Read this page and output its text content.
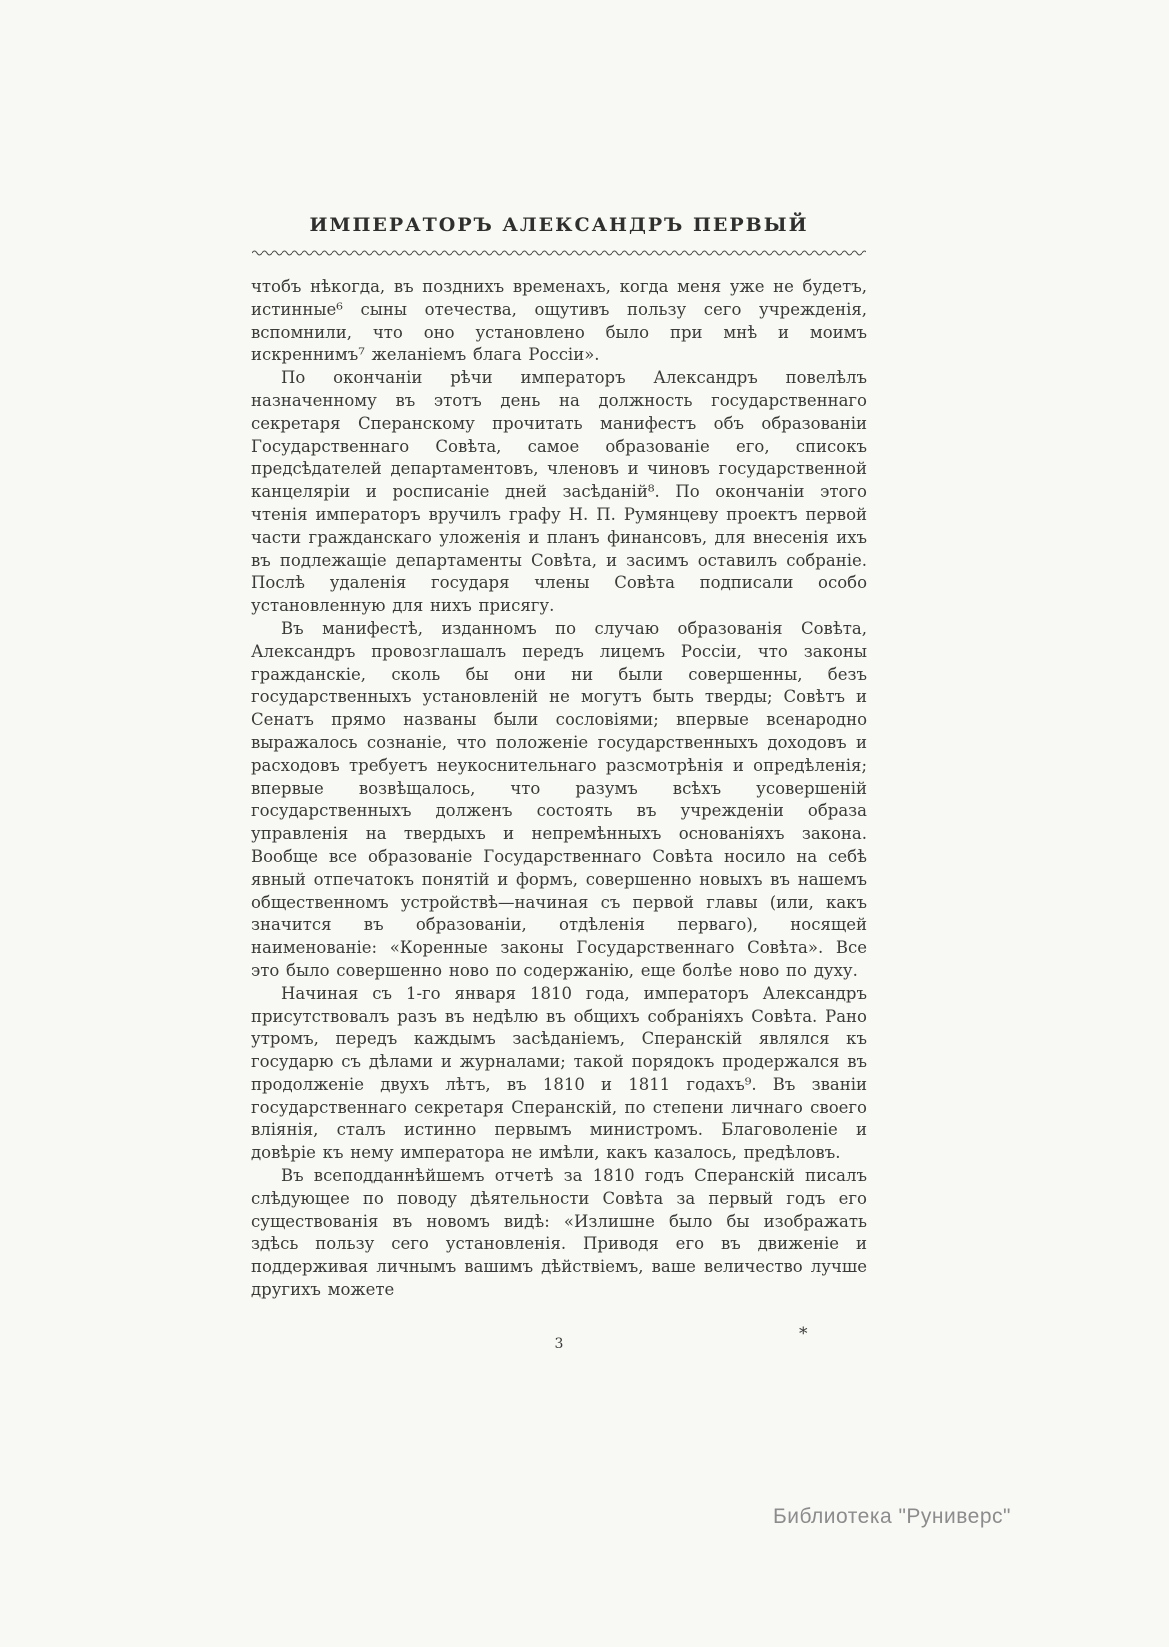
ИМПЕРАТОРЪ АЛЕКСАНДРЪ ПЕРВЫЙ

чтобъ нѣкогда, въ позднихъ временахъ, когда меня уже не будетъ, истинные⁶ сыны отечества, ощутивъ пользу сего учрежденія, вспомнили, что оно установлено было при мнѣ и моимъ искреннимъ⁷ желаніемъ блага Россіи».

По окончаніи рѣчи императоръ Александръ повелѣлъ назначенному въ этотъ день на должность государственнаго секретаря Сперанскому прочитать манифестъ объ образованіи Государственнаго Совѣта, самое образованіе его, списокъ предсѣдателей департаментовъ, членовъ и чиновъ государственной канцеляріи и росписаніе дней засѣданій⁸. По окончаніи этого чтенія императоръ вручилъ графу Н. П. Румянцеву проектъ первой части гражданскаго уложенія и планъ финансовъ, для внесенія ихъ въ подлежащіе департаменты Совѣта, и засимъ оставилъ собраніе. Послѣ удаленія государя члены Совѣта подписали особо установленную для нихъ присягу.

Въ манифестѣ, изданномъ по случаю образованія Совѣта, Александръ провозглашалъ передъ лицемъ Россіи, что законы гражданскіе, сколь бы они ни были совершенны, безъ государственныхъ установленій не могутъ быть тверды; Совѣтъ и Сенатъ прямо названы были сословіями; впервые всенародно выражалось сознаніе, что положеніе государственныхъ доходовъ и расходовъ требуетъ неукоснительнаго разсмотрѣнія и опредѣленія; впервые возвѣщалось, что разумъ всѣхъ усовершеній государственныхъ долженъ состоять въ учрежденіи образа управленія на твердыхъ и непремѣнныхъ основаніяхъ закона. Вообще все образованіе Государственнаго Совѣта носило на себѣ явный отпечатокъ понятій и формъ, совершенно новыхъ въ нашемъ общественномъ устройствѣ—начиная съ первой главы (или, какъ значится въ образованіи, отдѣленія перваго), носящей наименованіе: «Коренные законы Государственнаго Совѣта». Все это было совершенно ново по содержанію, еще болѣе ново по духу.

Начиная съ 1-го января 1810 года, императоръ Александръ присутствовалъ разъ въ недѣлю въ общихъ собраніяхъ Совѣта. Рано утромъ, передъ каждымъ засѣданіемъ, Сперанскій являлся къ государю съ дѣлами и журналами; такой порядокъ продержался въ продолженіе двухъ лѣтъ, въ 1810 и 1811 годахъ⁹. Въ званіи государственнаго секретаря Сперанскій, по степени личнаго своего вліянія, сталъ истинно первымъ министромъ. Благоволеніе и довѣріе къ нему императора не имѣли, какъ казалось, предѣловъ.

Въ всеподданнѣйшемъ отчетѣ за 1810 годъ Сперанскій писалъ слѣдующее по поводу дѣятельности Совѣта за первый годъ его существованія въ новомъ видѣ: «Излишне было бы изображать здѣсь пользу сего установленія. Приводя его въ движеніе и поддерживая личнымъ вашимъ дѣйствіемъ, ваше величество лучше другихъ можете

*
3
Библиотека "Руниверс"
